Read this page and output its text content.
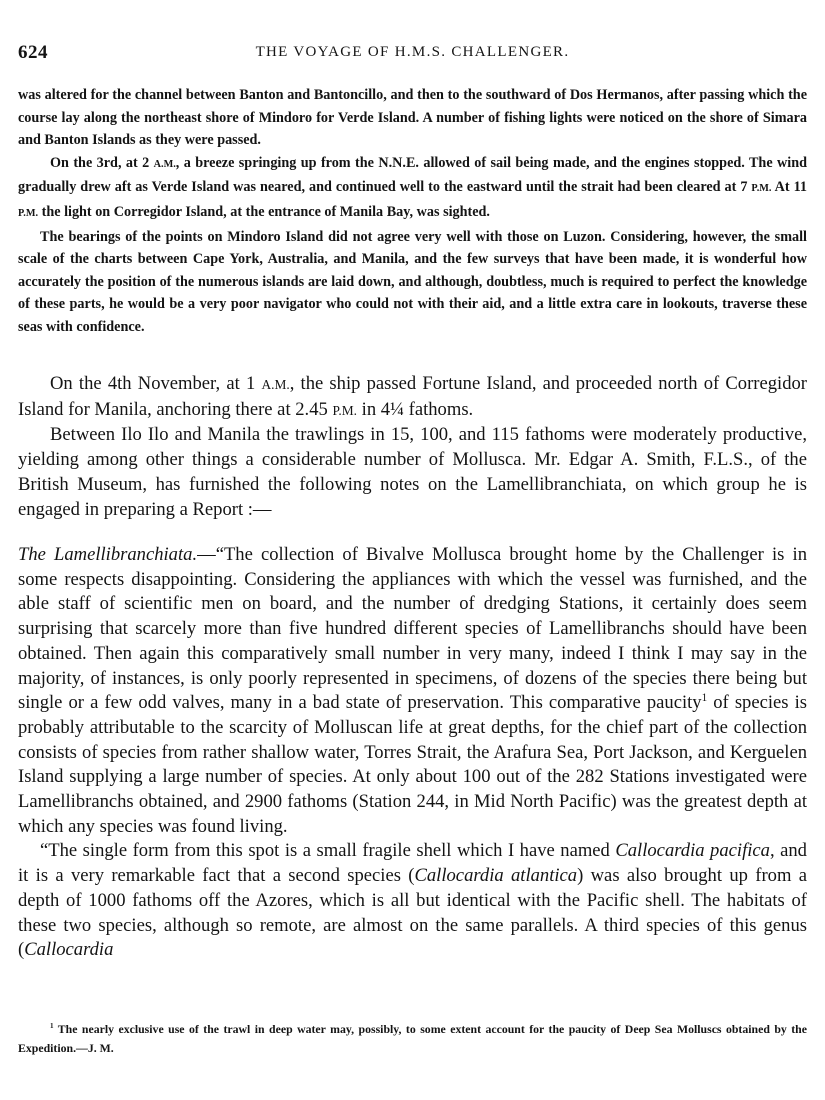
624	THE VOYAGE OF H.M.S. CHALLENGER.

was altered for the channel between Banton and Bantoncillo, and then to the southward of Dos Hermanos, after passing which the course lay along the northeast shore of Mindoro for Verde Island. A number of fishing lights were noticed on the shore of Simara and Banton Islands as they were passed.

On the 3rd, at 2 A.M., a breeze springing up from the N.N.E. allowed of sail being made, and the engines stopped. The wind gradually drew aft as Verde Island was neared, and continued well to the eastward until the strait had been cleared at 7 P.M. At 11 P.M. the light on Corregidor Island, at the entrance of Manila Bay, was sighted.

The bearings of the points on Mindoro Island did not agree very well with those on Luzon. Considering, however, the small scale of the charts between Cape York, Australia, and Manila, and the few surveys that have been made, it is wonderful how accurately the position of the numerous islands are laid down, and although, doubtless, much is required to perfect the knowledge of these parts, he would be a very poor navigator who could not with their aid, and a little extra care in lookouts, traverse these seas with confidence.

On the 4th November, at 1 A.M., the ship passed Fortune Island, and proceeded north of Corregidor Island for Manila, anchoring there at 2.45 P.M. in 4¼ fathoms.

Between Ilo Ilo and Manila the trawlings in 15, 100, and 115 fathoms were moderately productive, yielding among other things a considerable number of Mollusca. Mr. Edgar A. Smith, F.L.S., of the British Museum, has furnished the following notes on the Lamellibranchiata, on which group he is engaged in preparing a Report :—

The Lamellibranchiata.—“The collection of Bivalve Mollusca brought home by the Challenger is in some respects disappointing. Considering the appliances with which the vessel was furnished, and the able staff of scientific men on board, and the number of dredging Stations, it certainly does seem surprising that scarcely more than five hundred different species of Lamellibranchs should have been obtained. Then again this comparatively small number in very many, indeed I think I may say in the majority, of instances, is only poorly represented in specimens, of dozens of the species there being but single or a few odd valves, many in a bad state of preservation. This comparative paucity$^1$ of species is probably attributable to the scarcity of Molluscan life at great depths, for the chief part of the collection consists of species from rather shallow water, Torres Strait, the Arafura Sea, Port Jackson, and Kerguelen Island supplying a large number of species. At only about 100 out of the 282 Stations investigated were Lamellibranchs obtained, and 2900 fathoms (Station 244, in Mid North Pacific) was the greatest depth at which any species was found living.

“The single form from this spot is a small fragile shell which I have named Callocardia pacifica, and it is a very remarkable fact that a second species (Callocardia atlantica) was also brought up from a depth of 1000 fathoms off the Azores, which is all but identical with the Pacific shell. The habitats of these two species, although so remote, are almost on the same parallels. A third species of this genus (Callocardia

$^1$ The nearly exclusive use of the trawl in deep water may, possibly, to some extent account for the paucity of Deep Sea Molluscs obtained by the Expedition.—J. M.
